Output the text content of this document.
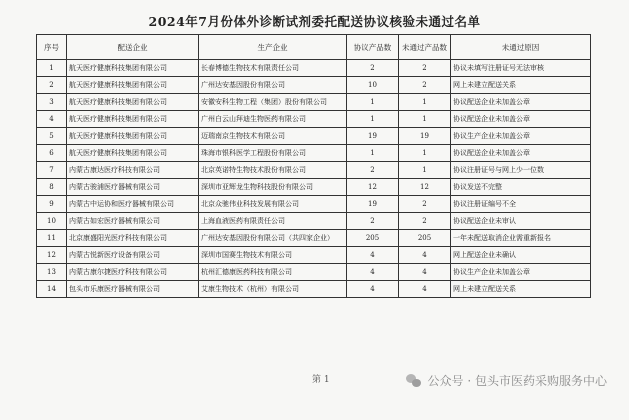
2024年7月份体外诊断试剂委托配送协议核验未通过名单
序号	配送企业	生产企业	协议产品数	未通过产品数	未通过原因
1	航天医疗健康科技集团有限公司	长春博德生物技术有限责任公司	2	2	协议未填写注册证号无法审核
2	航天医疗健康科技集团有限公司	广州达安基因股份有限公司	10	2	网上未建立配送关系
3	航天医疗健康科技集团有限公司	安徽安科生物工程（集团）股份有限公司	1	1	协议配送企业未加盖公章
4	航天医疗健康科技集团有限公司	广州白云山拜迪生物医药有限公司	1	1	协议配送企业未加盖公章
5	航天医疗健康科技集团有限公司	迈瑞南京生物技术有限公司	19	19	协议生产企业未加盖公章
6	航天医疗健康科技集团有限公司	珠海市银科医学工程股份有限公司	1	1	协议配送企业未加盖公章
7	内蒙古康达医疗科技有限公司	北京英诺特生物技术股份有限公司	2	1	协议注册证号与网上少一位数
8	内蒙古骏浦医疗器械有限公司	深圳市亚辉龙生物科技股份有限公司	12	12	协议发送不完整
9	内蒙古中运协和医疗器械有限公司	北京众驰伟业科技发展有限公司	19	2	协议注册证编号不全
10	内蒙古如宏医疗器械有限公司	上海血液医药有限责任公司	2	2	协议配送企业未审认
11	北京康盛阳光医疗科技有限公司	广州达安基因股份有限公司（共四家企业）	205	205	一年未配送取消企业需重新报名
12	内蒙古悦新医疗设备有限公司	深圳市国赛生物技术有限公司	4	4	网上配送企业未确认
13	内蒙古康尔捷医疗科技有限公司	杭州汇德康医药科技有限公司	4	4	协议生产企业未加盖公章
14	包头市乐康医疗器械有限公司	艾康生物技术（杭州）有限公司	4	4	网上未建立配送关系
第 1	公众号 · 包头市医药采购服务中心
